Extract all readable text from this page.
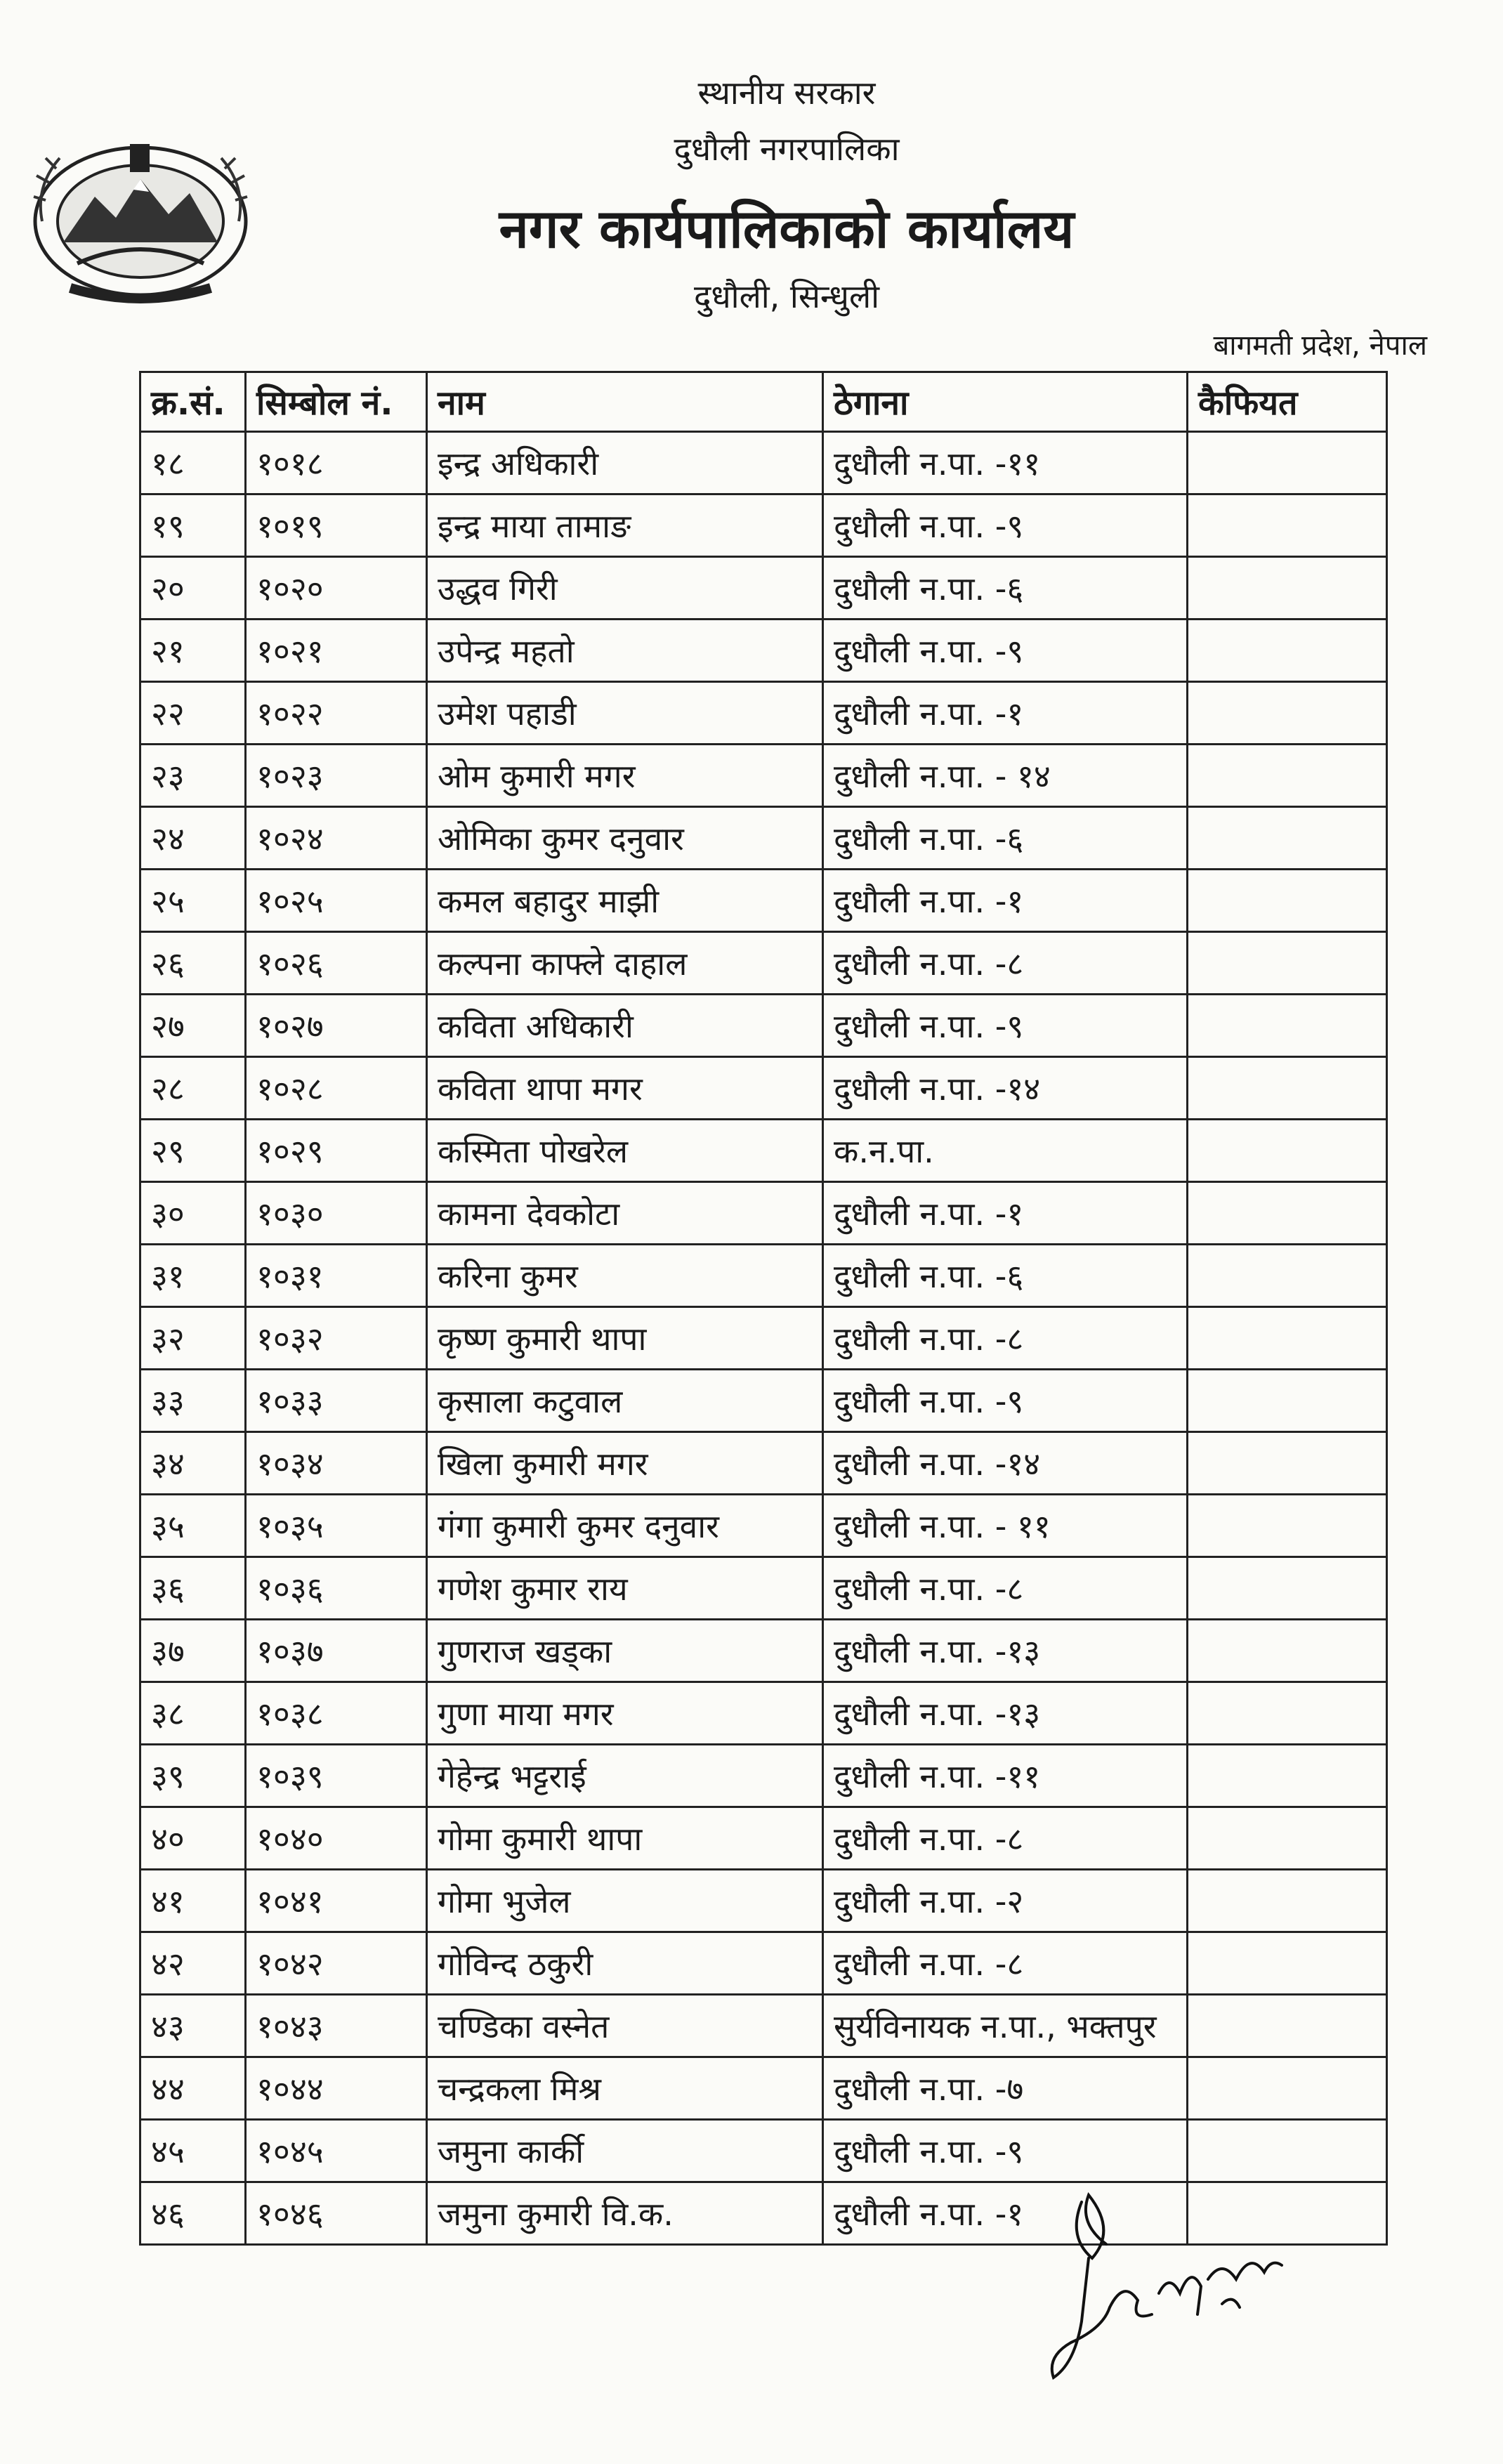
स्थानीय सरकार
दुधौली नगरपालिका
नगर कार्यपालिकाको कार्यालय
दुधौली, सिन्धुली
बागमती प्रदेश, नेपाल
क्र.सं.	सिम्बोल नं.	नाम	ठेगाना	कैफियत
१८	१०१८	इन्द्र अधिकारी	दुधौली न.पा. -११	
१९	१०१९	इन्द्र माया तामाङ	दुधौली न.पा. -९	
२०	१०२०	उद्धव गिरी	दुधौली न.पा. -६	
२१	१०२१	उपेन्द्र महतो	दुधौली न.पा. -९	
२२	१०२२	उमेश पहाडी	दुधौली न.पा. -१	
२३	१०२३	ओम कुमारी मगर	दुधौली न.पा. - १४	
२४	१०२४	ओमिका कुमर दनुवार	दुधौली न.पा. -६	
२५	१०२५	कमल बहादुर माझी	दुधौली न.पा. -१	
२६	१०२६	कल्पना काफ्ले दाहाल	दुधौली न.पा. -८	
२७	१०२७	कविता अधिकारी	दुधौली न.पा. -९	
२८	१०२८	कविता थापा मगर	दुधौली न.पा. -१४	
२९	१०२९	कस्मिता पोखरेल	क.न.पा.	
३०	१०३०	कामना देवकोटा	दुधौली न.पा. -१	
३१	१०३१	करिना कुमर	दुधौली न.पा. -६	
३२	१०३२	कृष्ण कुमारी थापा	दुधौली न.पा. -८	
३३	१०३३	कृसाला कटुवाल	दुधौली न.पा. -९	
३४	१०३४	खिला कुमारी मगर	दुधौली न.पा. -१४	
३५	१०३५	गंगा कुमारी कुमर दनुवार	दुधौली न.पा. - ११	
३६	१०३६	गणेश कुमार राय	दुधौली न.पा. -८	
३७	१०३७	गुणराज खड्का	दुधौली न.पा. -१३	
३८	१०३८	गुणा माया मगर	दुधौली न.पा. -१३	
३९	१०३९	गेहेन्द्र भट्टराई	दुधौली न.पा. -११	
४०	१०४०	गोमा कुमारी थापा	दुधौली न.पा. -८	
४१	१०४१	गोमा भुजेल	दुधौली न.पा. -२	
४२	१०४२	गोविन्द ठकुरी	दुधौली न.पा. -८	
४३	१०४३	चण्डिका वस्नेत	सुर्यविनायक न.पा., भक्तपुर	
४४	१०४४	चन्द्रकला मिश्र	दुधौली न.पा. -७	
४५	१०४५	जमुना कार्की	दुधौली न.पा. -९	
४६	१०४६	जमुना कुमारी वि.क.	दुधौली न.पा. -१	
